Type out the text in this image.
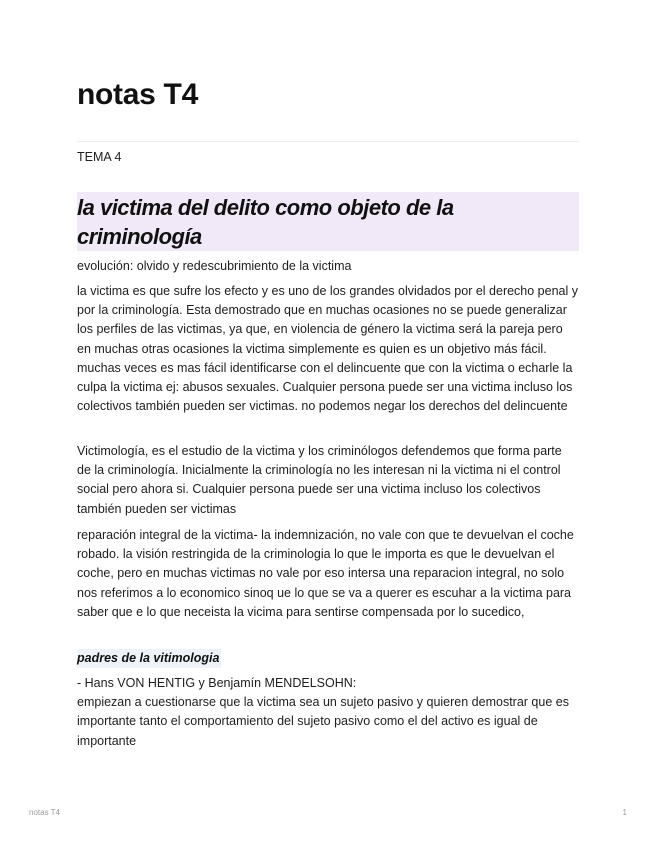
notas T4
TEMA 4
la victima del delito como objeto de la criminología

evolución: olvido y redescubrimiento de la victima

la victima es que sufre los efecto y es uno de los grandes olvidados por el derecho penal y por la criminología. Esta demostrado que en muchas ocasiones no se puede generalizar los perfiles de las victimas, ya que, en violencia de género la victima será la pareja pero en muchas otras ocasiones la victima simplemente es quien es un objetivo más fácil. muchas veces es mas fácil identificarse con el delincuente que con la victima o echarle la culpa la victima ej: abusos sexuales. Cualquier persona puede ser una victima incluso los colectivos también pueden ser victimas. no podemos negar los derechos del delincuente

Victimología, es el estudio de la victima y los criminólogos defendemos que forma parte de la criminología. Inicialmente la criminología no les interesan ni la victima ni el control social pero ahora si. Cualquier persona puede ser una victima incluso los colectivos también pueden ser victimas

reparación integral de la victima- la indemnización, no vale con que te devuelvan el coche robado. la visión restringida de la criminologia lo que le importa es que le devuelvan el coche, pero en muchas victimas no vale por eso intersa una reparacion integral, no solo nos referimos a lo economico sinoq ue lo que se va a querer es escuhar a la victima para saber que e lo que neceista la vicima para sentirse compensada por lo sucedico,

padres de la vitimologia
- Hans VON HENTIG y Benjamín MENDELSOHN:
empiezan a cuestionarse que la victima sea un sujeto pasivo y quieren demostrar que es importante tanto el comportamiento del sujeto pasivo como el del activo es igual de importante
notas T4	1
